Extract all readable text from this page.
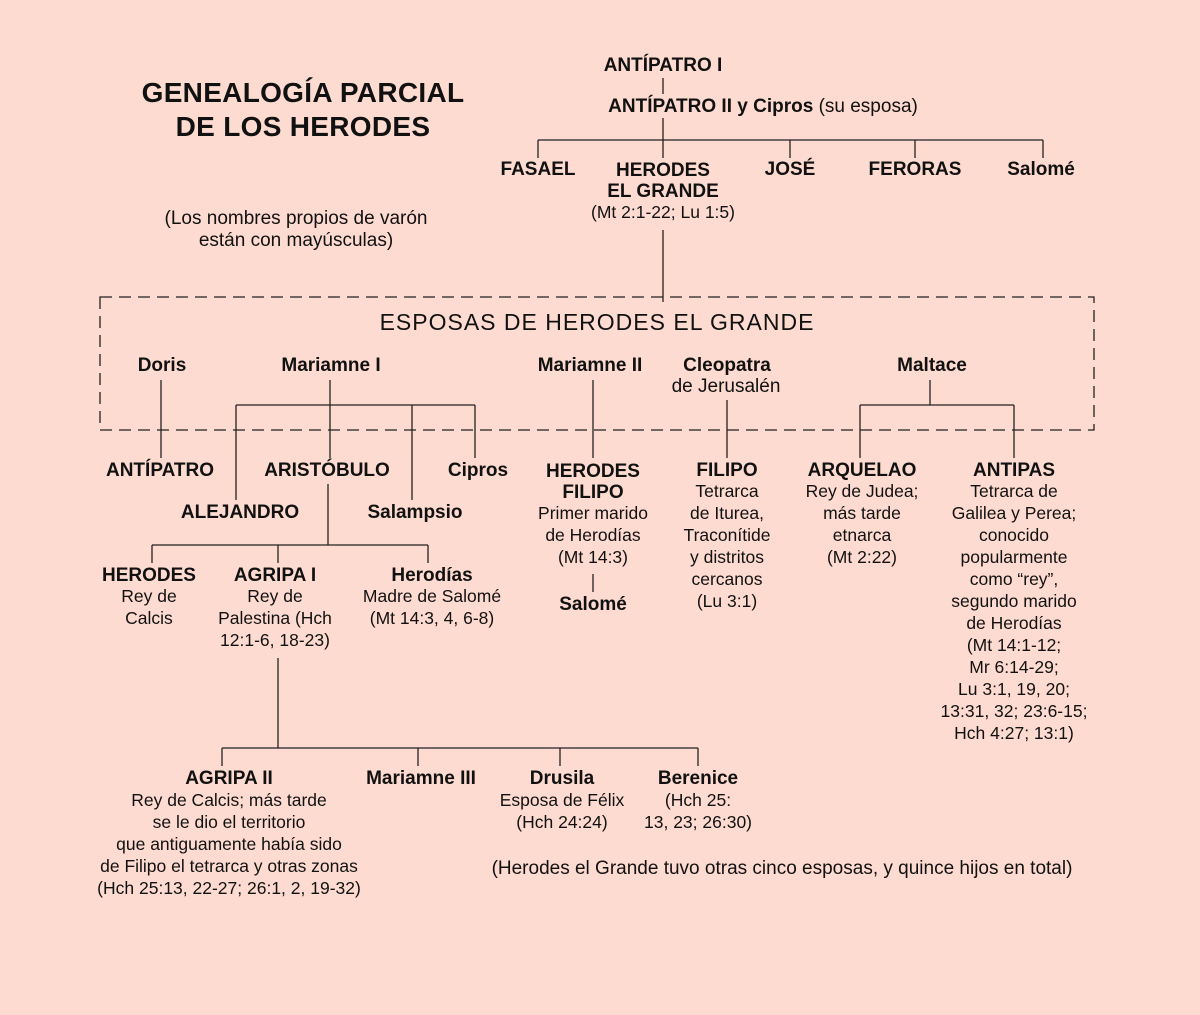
GENEALOGÍA PARCIAL
DE LOS HERODES
(Los nombres propios de varón
están con mayúsculas)
ANTÍPATRO I
ANTÍPATRO II y Cipros (su esposa)
FASAEL	HERODES
EL GRANDE
(Mt 2:1-22; Lu 1:5)
JOSÉ	FERORAS Salomé
ESPOSAS DE HERODES EL GRANDE
Doris	Mariamne I	Mariamne II Cleopatra
de Jerusalén
Maltace
ANTÍPATRO
ALEJANDRO
ARISTÓBULO
Salampsio
Cipros HERODES
FILIPO
Primer marido
de Herodías
(Mt 14:3)
Salomé
FILIPO
Tetrarca
de Iturea,
Traconítide
y distritos
cercanos
(Lu 3:1)
ARQUELAO
Rey de Judea;
más tarde
etnarca
(Mt 2:22)
ANTIPAS
Tetrarca de
Galilea y Perea;
conocido
popularmente
como “rey”,
segundo marido
de Herodías
(Mt 14:1-12;
Mr 6:14-29;
Lu 3:1, 19, 20;
13:31, 32; 23:6-15;
Hch 4:27; 13:1)
HERODES
Rey de
Calcis
AGRIPA I
Rey de
Palestina (Hch
12:1-6, 18-23)
Herodías
Madre de Salomé
(Mt 14:3, 4, 6-8)
AGRIPA II
Rey de Calcis; más tarde
se le dio el territorio
que antiguamente había sido
de Filipo el tetrarca y otras zonas
(Hch 25:13, 22-27; 26:1, 2, 19-32)
Mariamne III	Drusila
Esposa de Félix
(Hch 24:24)
Berenice
(Hch 25:
13, 23; 26:30)
(Herodes el Grande tuvo otras cinco esposas, y quince hijos en total)
